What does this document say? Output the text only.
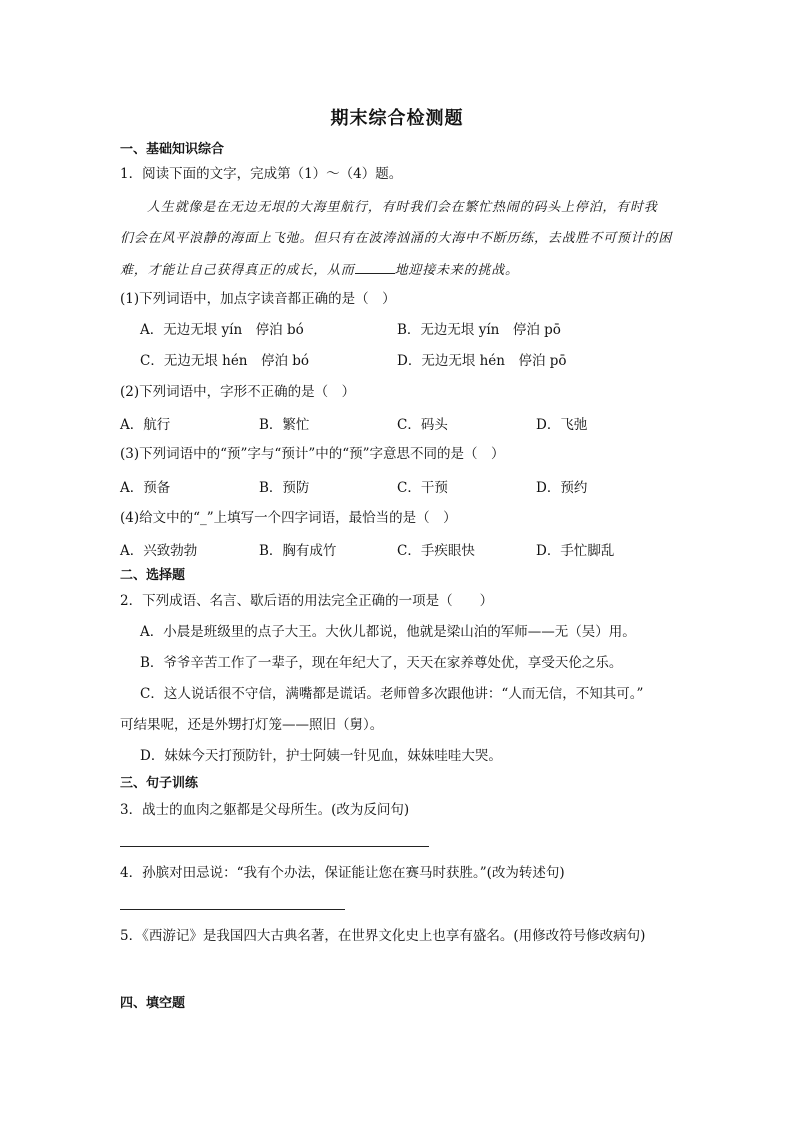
期末综合检测题
一、基础知识综合
1．阅读下面的文字，完成第（1）～（4）题。
人生就像是在无边无垠的大海里航行，有时我们会在繁忙热闹的码头上停泊，有时我
们会在风平浪静的海面上飞弛。但只有在波涛汹涌的大海中不断历练，去战胜不可预计的困
难，才能让自己获得真正的成长，从而	地迎接未来的挑战。
(1)下列词语中，加点字读音都正确的是（　）
A．无边无垠 yín　停泊 bó	B．无边无垠 yín　停泊 pō
C．无边无垠 hén　停泊 bó	D．无边无垠 hén　停泊 pō
(2)下列词语中，字形不正确的是（　）
A．航行	B．繁忙	C．码头	D．飞弛
(3)下列词语中的“预”字与“预计”中的“预”字意思不同的是（　）
A．预备	B．预防	C．干预	D．预约
(4)给文中的“_”上填写一个四字词语，最恰当的是（　）
A．兴致勃勃	B．胸有成竹	C．手疾眼快	D．手忙脚乱
二、选择题
2．下列成语、名言、歇后语的用法完全正确的一项是（　　）
A．小晨是班级里的点子大王。大伙儿都说，他就是梁山泊的军师——无（吴）用。
B．爷爷辛苦工作了一辈子，现在年纪大了，天天在家养尊处优，享受天伦之乐。
C．这人说话很不守信，满嘴都是谎话。老师曾多次跟他讲：“人而无信，不知其可。”
可结果呢，还是外甥打灯笼——照旧（舅）。
D．妹妹今天打预防针，护士阿姨一针见血，妹妹哇哇大哭。
三、句子训练
3．战士的血肉之躯都是父母所生。(改为反问句)
4．孙膑对田忌说：“我有个办法，保证能让您在赛马时获胜。”(改为转述句)
5．《西游记》是我国四大古典名著，在世界文化史上也享有盛名。(用修改符号修改病句)
四、填空题
